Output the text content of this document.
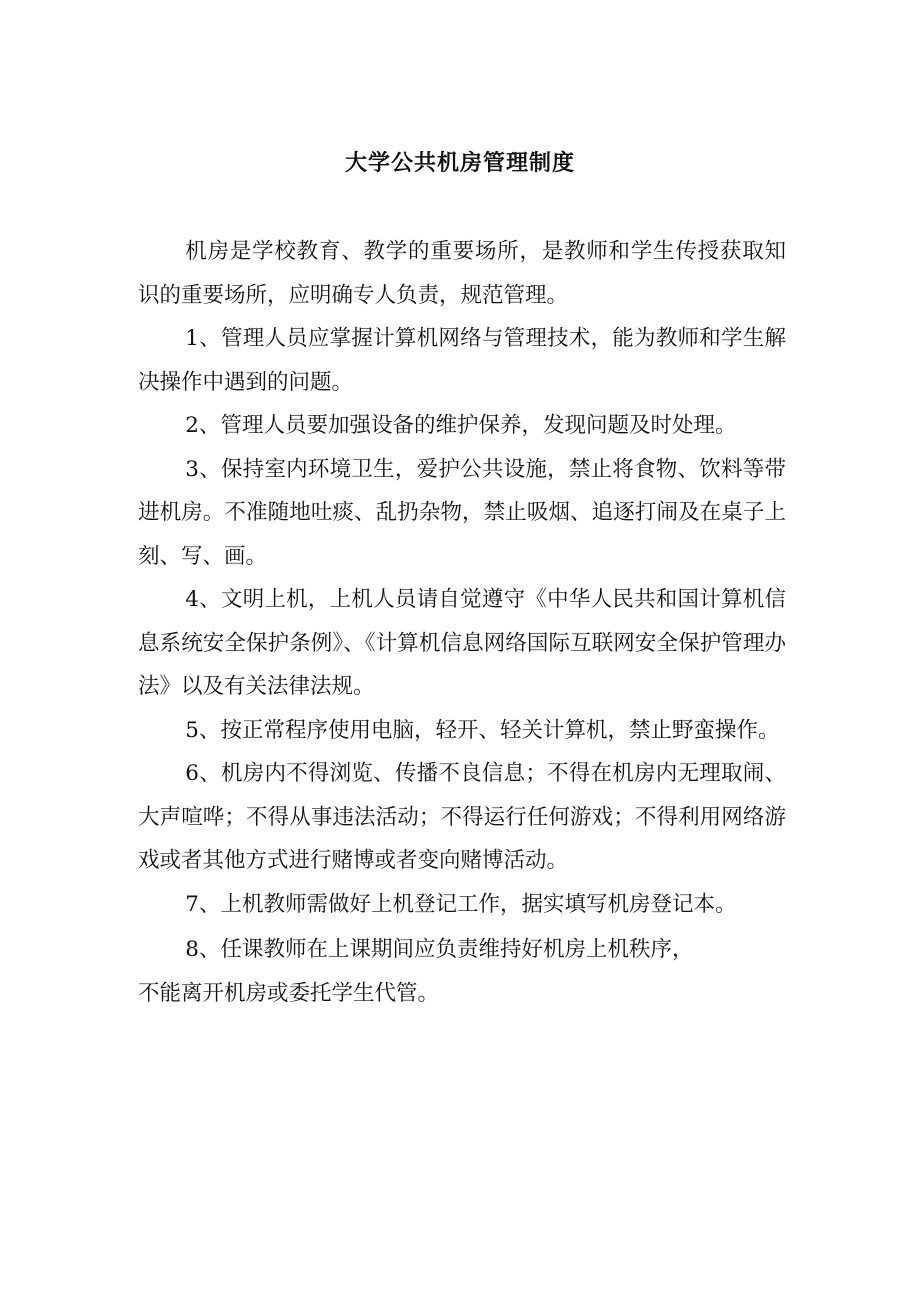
大学公共机房管理制度

机房是学校教育、教学的重要场所，是教师和学生传授获取知识的重要场所，应明确专人负责，规范管理。

1、管理人员应掌握计算机网络与管理技术，能为教师和学生解决操作中遇到的问题。

2、管理人员要加强设备的维护保养，发现问题及时处理。

3、保持室内环境卫生，爱护公共设施，禁止将食物、饮料等带进机房。不准随地吐痰、乱扔杂物，禁止吸烟、追逐打闹及在桌子上刻、写、画。

4、文明上机，上机人员请自觉遵守《中华人民共和国计算机信息系统安全保护条例》、《计算机信息网络国际互联网安全保护管理办法》以及有关法律法规。

5、按正常程序使用电脑，轻开、轻关计算机，禁止野蛮操作。

6、机房内不得浏览、传播不良信息；不得在机房内无理取闹、大声喧哗；不得从事违法活动；不得运行任何游戏；不得利用网络游戏或者其他方式进行赌博或者变向赌博活动。

7、上机教师需做好上机登记工作，据实填写机房登记本。

8、任课教师在上课期间应负责维持好机房上机秩序，
不能离开机房或委托学生代管。
